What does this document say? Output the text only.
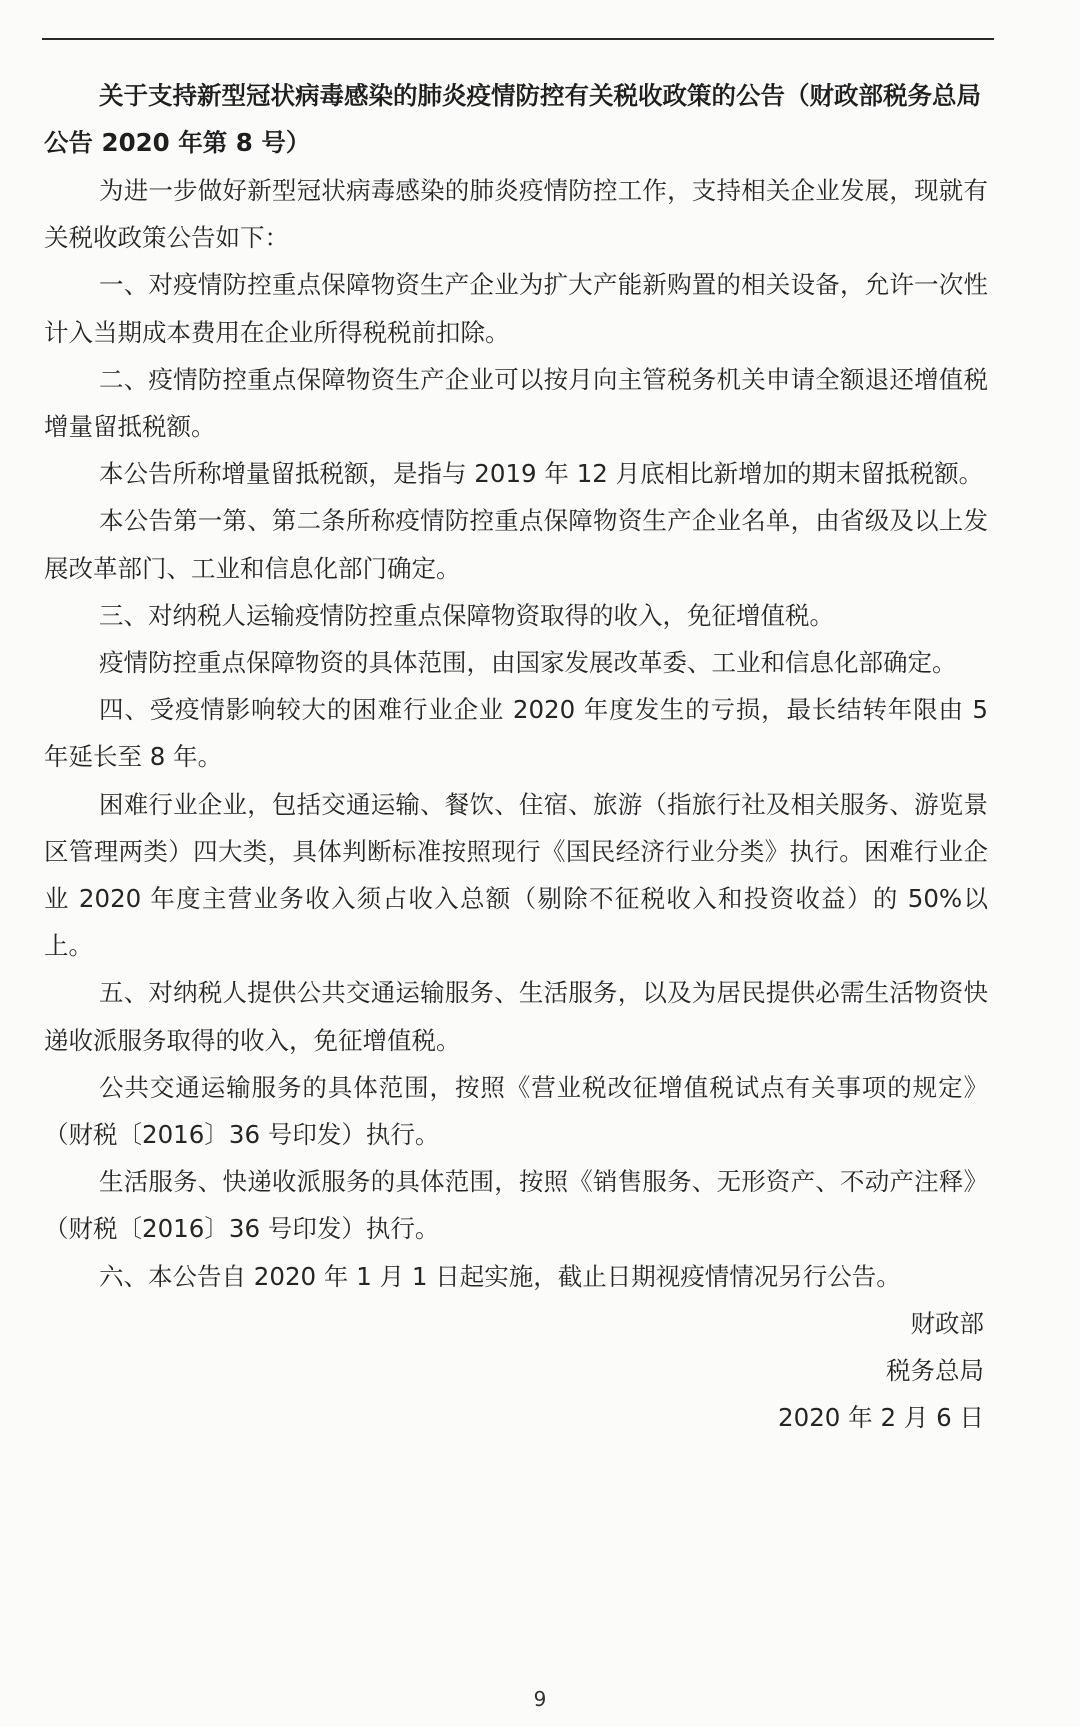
关于支持新型冠状病毒感染的肺炎疫情防控有关税收政策的公告（财政部税务总局公告 2020 年第 8 号）

为进一步做好新型冠状病毒感染的肺炎疫情防控工作，支持相关企业发展，现就有关税收政策公告如下：

一、对疫情防控重点保障物资生产企业为扩大产能新购置的相关设备，允许一次性计入当期成本费用在企业所得税税前扣除。

二、疫情防控重点保障物资生产企业可以按月向主管税务机关申请全额退还增值税增量留抵税额。

本公告所称增量留抵税额，是指与 2019 年 12 月底相比新增加的期末留抵税额。

本公告第一第、第二条所称疫情防控重点保障物资生产企业名单，由省级及以上发展改革部门、工业和信息化部门确定。

三、对纳税人运输疫情防控重点保障物资取得的收入，免征增值税。

疫情防控重点保障物资的具体范围，由国家发展改革委、工业和信息化部确定。

四、受疫情影响较大的困难行业企业 2020 年度发生的亏损，最长结转年限由 5 年延长至 8 年。

困难行业企业，包括交通运输、餐饮、住宿、旅游（指旅行社及相关服务、游览景区管理两类）四大类，具体判断标准按照现行《国民经济行业分类》执行。困难行业企业 2020 年度主营业务收入须占收入总额（剔除不征税收入和投资收益）的 50%以上。

五、对纳税人提供公共交通运输服务、生活服务，以及为居民提供必需生活物资快递收派服务取得的收入，免征增值税。

公共交通运输服务的具体范围，按照《营业税改征增值税试点有关事项的规定》（财税〔2016〕36 号印发）执行。

生活服务、快递收派服务的具体范围，按照《销售服务、无形资产、不动产注释》（财税〔2016〕36 号印发）执行。

六、本公告自 2020 年 1 月 1 日起实施，截止日期视疫情情况另行公告。

财政部

税务总局

2020 年 2 月 6 日

9
